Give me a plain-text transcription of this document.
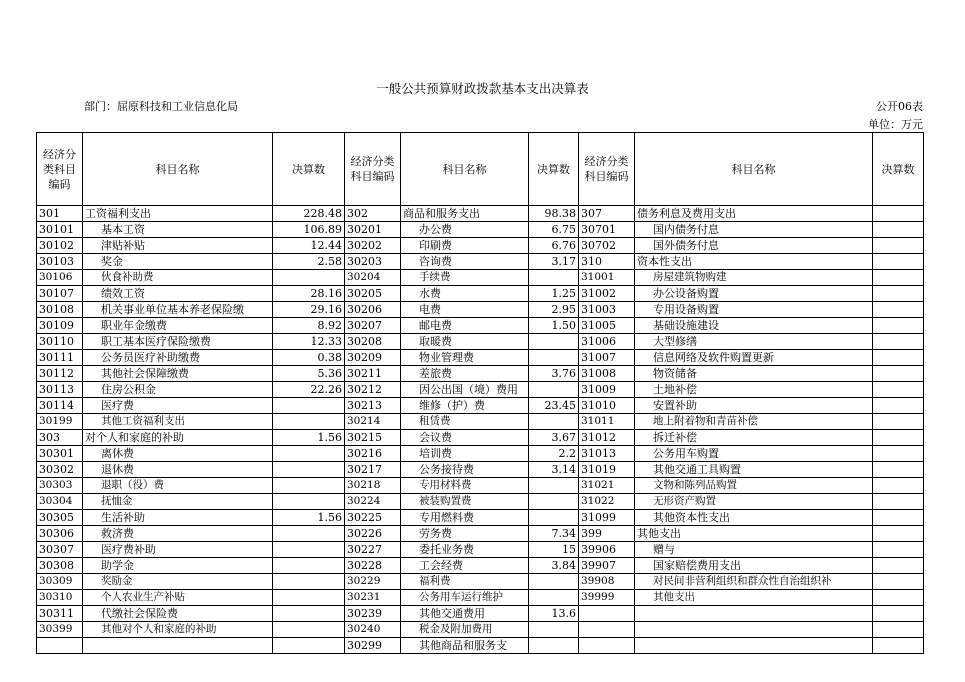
一般公共预算财政拨款基本支出决算表
部门：屈原科技和工业信息化局	公开06表
单位：万元
经济分类科目编码	科目名称	决算数	经济分类科目编码	科目名称	决算数	经济分类科目编码	科目名称	决算数
301	工资福利支出	228.48	302	商品和服务支出	98.38	307	债务利息及费用支出	
30101	基本工资	106.89	30201	办公费	6.75	30701	国内债务付息	
30102	津贴补贴	12.44	30202	印刷费	6.76	30702	国外债务付息	
30103	奖金	2.58	30203	咨询费	3.17	310	资本性支出	
30106	伙食补助费		30204	手续费		31001	房屋建筑物购建	
30107	绩效工资	28.16	30205	水费	1.25	31002	办公设备购置	
30108	机关事业单位基本养老保险缴	29.16	30206	电费	2.95	31003	专用设备购置	
30109	职业年金缴费	8.92	30207	邮电费	1.50	31005	基础设施建设	
30110	职工基本医疗保险缴费	12.33	30208	取暖费		31006	大型修缮	
30111	公务员医疗补助缴费	0.38	30209	物业管理费		31007	信息网络及软件购置更新	
30112	其他社会保障缴费	5.36	30211	差旅费	3.76	31008	物资储备	
30113	住房公积金	22.26	30212	因公出国（境）费用		31009	土地补偿	
30114	医疗费		30213	维修（护）费	23.45	31010	安置补助	
30199	其他工资福利支出		30214	租赁费		31011	地上附着物和青苗补偿	
303	对个人和家庭的补助	1.56	30215	会议费	3.67	31012	拆迁补偿	
30301	离休费		30216	培训费	2.2	31013	公务用车购置	
30302	退休费		30217	公务接待费	3.14	31019	其他交通工具购置	
30303	退职（役）费		30218	专用材料费		31021	文物和陈列品购置	
30304	抚恤金		30224	被装购置费		31022	无形资产购置	
30305	生活补助	1.56	30225	专用燃料费		31099	其他资本性支出	
30306	救济费		30226	劳务费	7.34	399	其他支出	
30307	医疗费补助		30227	委托业务费	15	39906	赠与	
30308	助学金		30228	工会经费	3.84	39907	国家赔偿费用支出	
30309	奖励金		30229	福利费		39908	对民间非营利组织和群众性自治组织补	
30310	个人农业生产补贴		30231	公务用车运行维护		39999	其他支出	
30311	代缴社会保险费		30239	其他交通费用	13.6			
30399	其他对个人和家庭的补助		30240	税金及附加费用				
			30299	其他商品和服务支				
